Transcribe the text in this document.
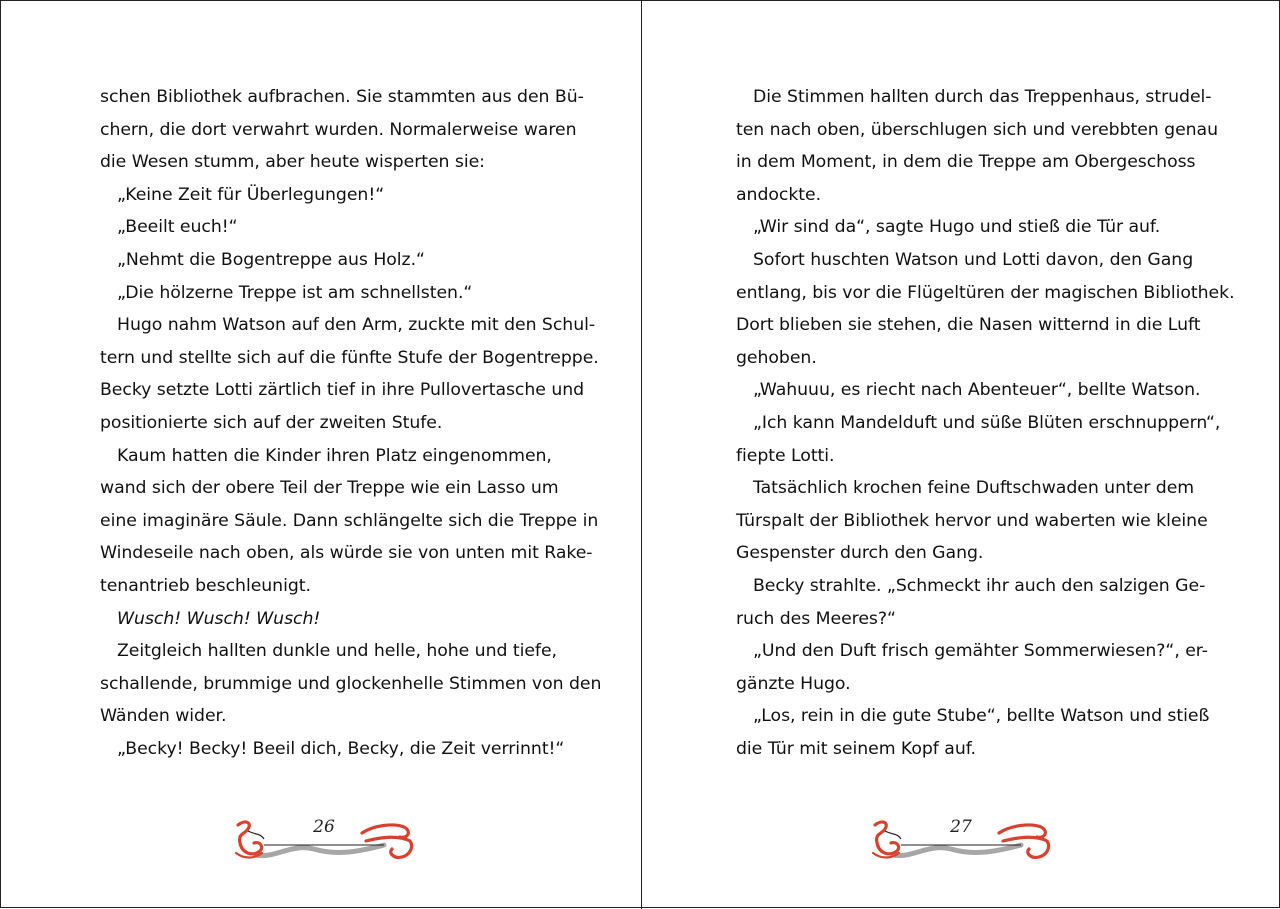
schen Bibliothek aufbrachen. Sie stammten aus den Bü-
chern, die dort verwahrt wurden. Normalerweise waren
die Wesen stumm, aber heute wisperten sie:
„Keine Zeit für Überlegungen!“
„Beeilt euch!“
„Nehmt die Bogentreppe aus Holz.“
„Die hölzerne Treppe ist am schnellsten.“
Hugo nahm Watson auf den Arm, zuckte mit den Schul-
tern und stellte sich auf die fünfte Stufe der Bogentreppe.
Becky setzte Lotti zärtlich tief in ihre Pullovertasche und
positionierte sich auf der zweiten Stufe.
Kaum hatten die Kinder ihren Platz eingenommen,
wand sich der obere Teil der Treppe wie ein Lasso um
eine imaginäre Säule. Dann schlängelte sich die Treppe in
Windeseile nach oben, als würde sie von unten mit Rake-
tenantrieb beschleunigt.
Wusch! Wusch! Wusch!
Zeitgleich hallten dunkle und helle, hohe und tiefe,
schallende, brummige und glockenhelle Stimmen von den
Wänden wider.
„Becky! Becky! Beeil dich, Becky, die Zeit verrinnt!“
26
Die Stimmen hallten durch das Treppenhaus, strudel-
ten nach oben, überschlugen sich und verebbten genau
in dem Moment, in dem die Treppe am Obergeschoss
andockte.
„Wir sind da“, sagte Hugo und stieß die Tür auf.
Sofort huschten Watson und Lotti davon, den Gang
entlang, bis vor die Flügeltüren der magischen Bibliothek.
Dort blieben sie stehen, die Nasen witternd in die Luft
gehoben.
„Wahuuu, es riecht nach Abenteuer“, bellte Watson.
„Ich kann Mandelduft und süße Blüten erschnuppern“,
fiepte Lotti.
Tatsächlich krochen feine Duftschwaden unter dem
Türspalt der Bibliothek hervor und waberten wie kleine
Gespenster durch den Gang.
Becky strahlte. „Schmeckt ihr auch den salzigen Ge-
ruch des Meeres?“
„Und den Duft frisch gemähter Sommerwiesen?“, er-
gänzte Hugo.
„Los, rein in die gute Stube“, bellte Watson und stieß
die Tür mit seinem Kopf auf.
27
